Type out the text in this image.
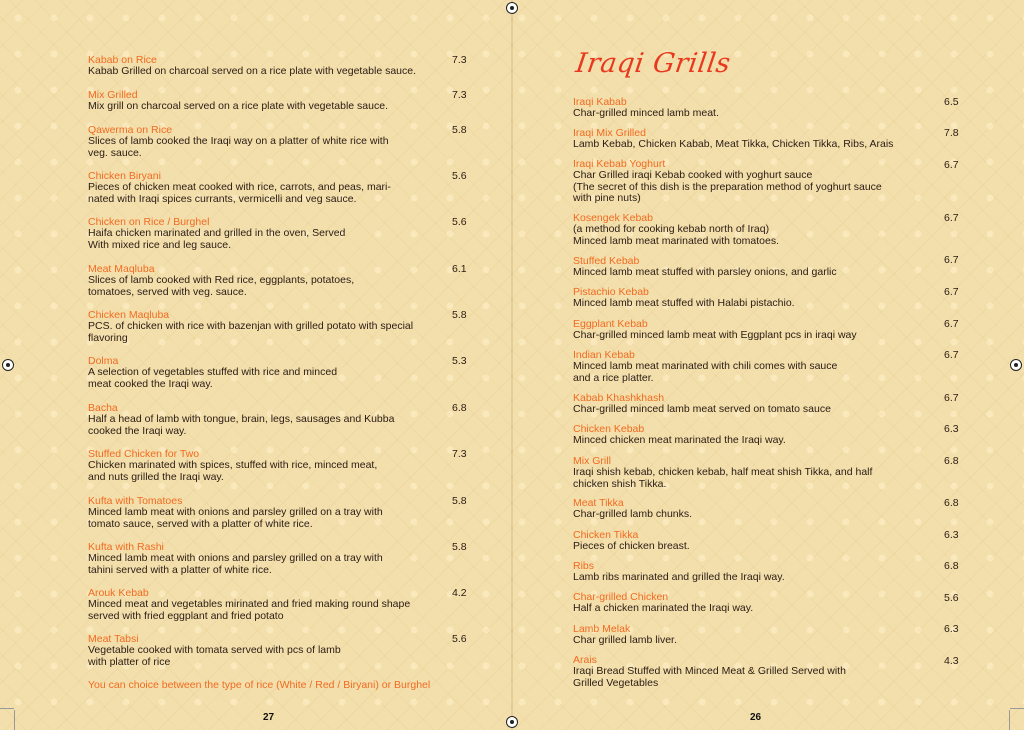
Kabab on Rice
Kabab Grilled on charcoal served on a rice plate with vegetable sauce.
7.3
Mix Grilled
Mix grill on charcoal served on a rice plate with vegetable sauce.
7.3
Qawerma on Rice
Slices of lamb cooked the Iraqi way on a platter of white rice with
veg. sauce.
5.8
Chicken Biryani
Pieces of chicken meat cooked with rice, carrots, and peas, mari-
nated with Iraqi spices currants, vermicelli and veg sauce.
5.6
Chicken on Rice / Burghel
Haifa chicken marinated and grilled in the oven, Served
With mixed rice and leg sauce.
5.6
Meat Maqluba
Slices of lamb cooked with Red rice, eggplants, potatoes,
tomatoes, served with veg. sauce.
6.1
Chicken Maqluba
PCS. of chicken with rice with bazenjan with grilled potato with special
flavoring
5.8
Dolma
A selection of vegetables stuffed with rice and minced
meat cooked the Iraqi way.
5.3
Bacha
Half a head of lamb with tongue, brain, legs, sausages and Kubba
cooked the Iraqi way.
6.8
Stuffed Chicken for Two
Chicken marinated with spices, stuffed with rice, minced meat,
and nuts grilled the Iraqi way.
7.3
Kufta with Tomatoes
Minced lamb meat with onions and parsley grilled on a tray with
tomato sauce, served with a platter of white rice.
5.8
Kufta with Rashi
Minced lamb meat with onions and parsley grilled on a tray with
tahini served with a platter of white rice.
5.8
Arouk Kebab
Minced meat and vegetables mirinated and fried making round shape
served with fried eggplant and fried potato
4.2
Meat Tabsi
Vegetable cooked with tomata served with pcs of lamb
with platter of rice
5.6
You can choice between the type of rice (White / Red / Biryani) or Burghel
27
Iraqi Grills
Iraqi Kabab
Char-grilled minced lamb meat.
6.5
Iraqi Mix Grilled
Lamb Kebab, Chicken Kabab, Meat Tikka, Chicken Tikka, Ribs, Arais
7.8
Iraqi Kebab Yoghurt
Char Grilled iraqi Kebab cooked with yoghurt sauce
(The secret of this dish is the preparation method of yoghurt sauce
with pine nuts)
6.7
Kosengek Kebab
(a method for cooking kebab north of Iraq)
Minced lamb meat marinated with tomatoes.
6.7
Stuffed Kebab
Minced lamb meat stuffed with parsley onions, and garlic
6.7
Pistachio Kebab
Minced lamb meat stuffed with Halabi pistachio.
6.7
Eggplant Kebab
Char-grilled minced lamb meat with Eggplant pcs in iraqi way
6.7
Indian Kebab
Minced lamb meat marinated with chili comes with sauce
and a rice platter.
6.7
Kabab Khashkhash
Char-grilled minced lamb meat served on tomato sauce
6.7
Chicken Kebab
Minced chicken meat marinated the Iraqi way.
6.3
Mix Grill
Iraqi shish kebab, chicken kebab, half meat shish Tikka, and half
chicken shish Tikka.
6.8
Meat Tikka
Char-grilled lamb chunks.
6.8
Chicken Tikka
Pieces of chicken breast.
6.3
Ribs
Lamb ribs marinated and grilled the Iraqi way.
6.8
Char-grilled Chicken
Half a chicken marinated the Iraqi way.
5.6
Lamb Melak
Char grilled lamb liver.
6.3
Arais
Iraqi Bread Stuffed with Minced Meat & Grilled Served with
Grilled Vegetables
4.3
26
